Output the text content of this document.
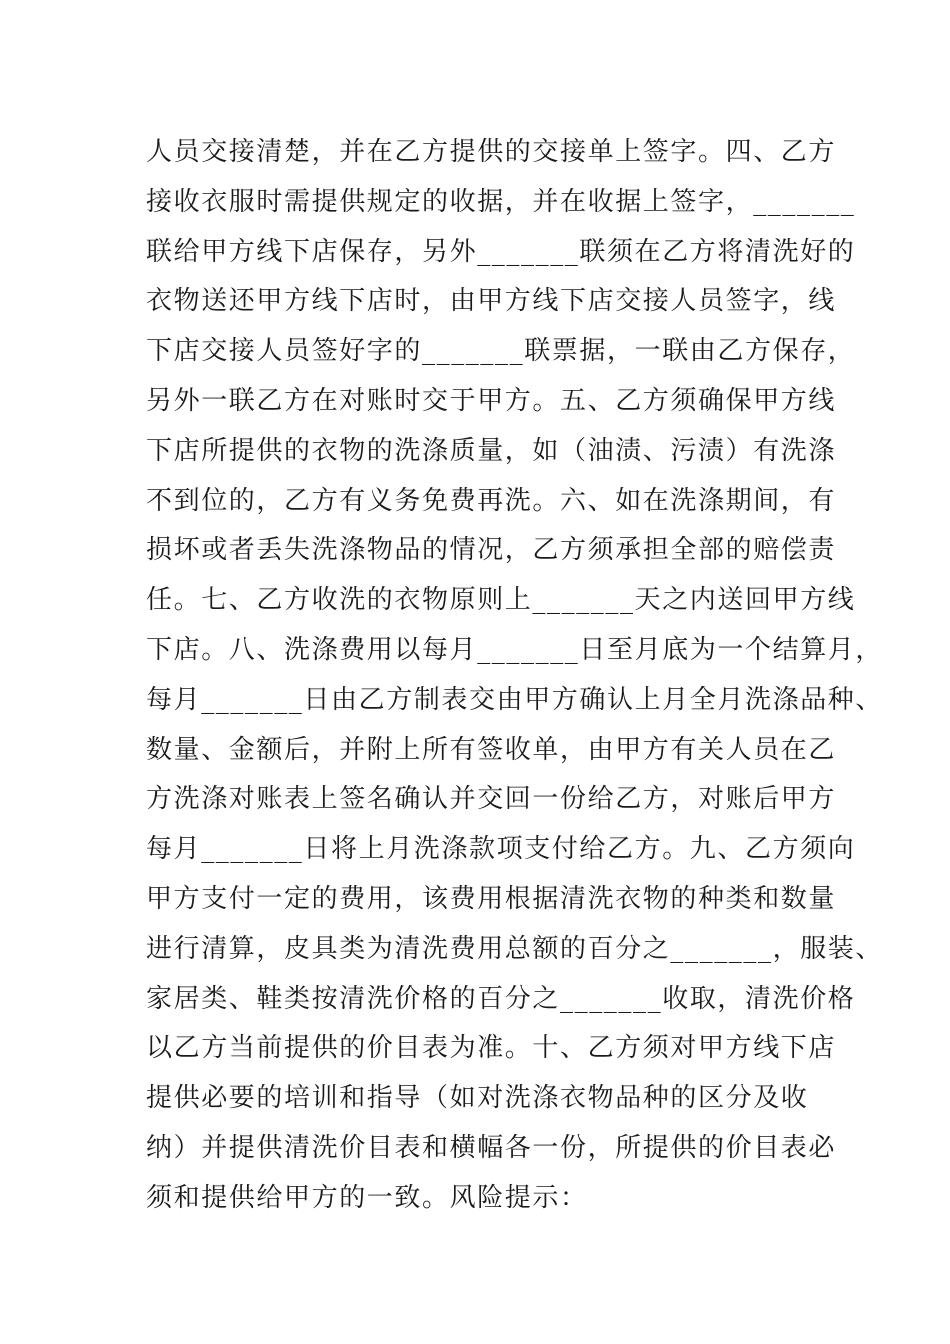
人员交接清楚，并在乙方提供的交接单上签字。四、乙方
接收衣服时需提供规定的收据，并在收据上签字，_______
联给甲方线下店保存，另外_______联须在乙方将清洗好的
衣物送还甲方线下店时，由甲方线下店交接人员签字，线
下店交接人员签好字的_______联票据，一联由乙方保存，
另外一联乙方在对账时交于甲方。五、乙方须确保甲方线
下店所提供的衣物的洗涤质量，如（油渍、污渍）有洗涤
不到位的，乙方有义务免费再洗。六、如在洗涤期间，有
损坏或者丢失洗涤物品的情况，乙方须承担全部的赔偿责
任。七、乙方收洗的衣物原则上_______天之内送回甲方线
下店。八、洗涤费用以每月_______日至月底为一个结算月，
每月_______日由乙方制表交由甲方确认上月全月洗涤品种、
数量、金额后，并附上所有签收单，由甲方有关人员在乙
方洗涤对账表上签名确认并交回一份给乙方，对账后甲方
每月_______日将上月洗涤款项支付给乙方。九、乙方须向
甲方支付一定的费用，该费用根据清洗衣物的种类和数量
进行清算，皮具类为清洗费用总额的百分之_______，服装、
家居类、鞋类按清洗价格的百分之_______收取，清洗价格
以乙方当前提供的价目表为准。十、乙方须对甲方线下店
提供必要的培训和指导（如对洗涤衣物品种的区分及收
纳）并提供清洗价目表和横幅各一份，所提供的价目表必
须和提供给甲方的一致。风险提示：
